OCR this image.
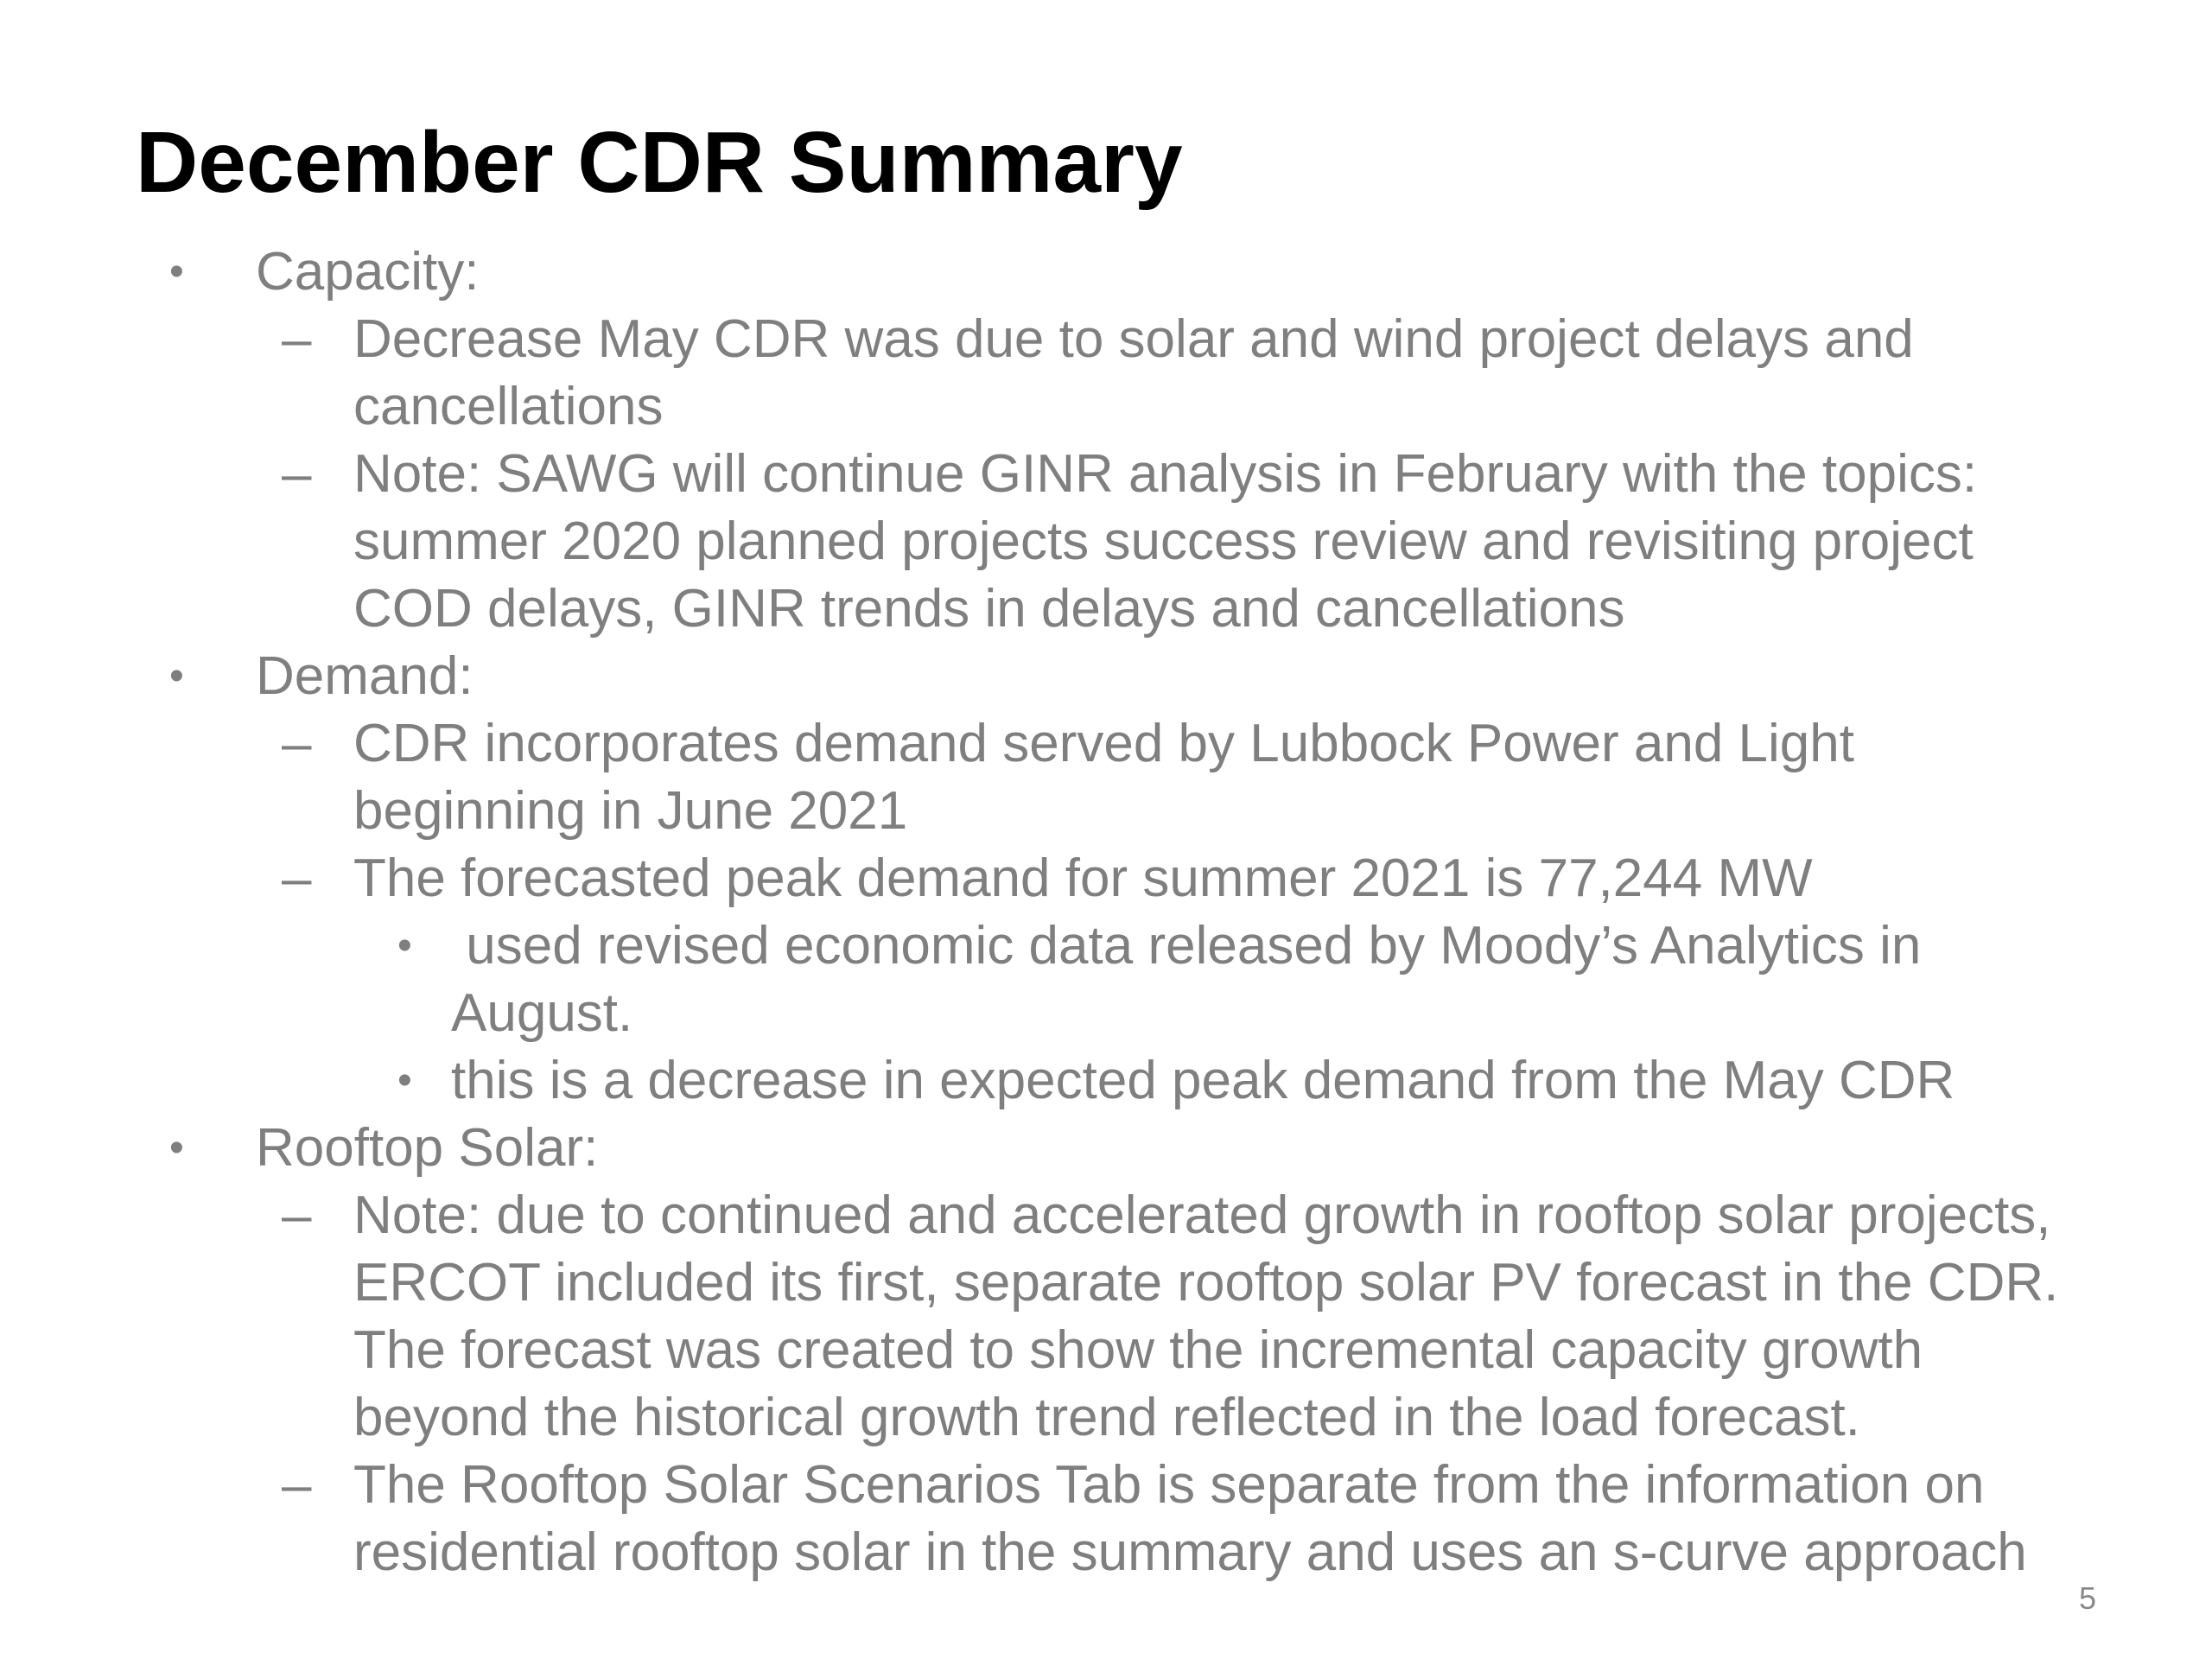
December CDR Summary
• Capacity:
– Decrease May CDR was due to solar and wind project delays and
cancellations
– Note: SAWG will continue GINR analysis in February with the topics:
summer 2020 planned projects success review and revisiting project
COD delays, GINR trends in delays and cancellations
• Demand:
– CDR incorporates demand served by Lubbock Power and Light
beginning in June 2021
– The forecasted peak demand for summer 2021 is 77,244 MW
• used revised economic data released by Moody’s Analytics in
August.
• this is a decrease in expected peak demand from the May CDR
• Rooftop Solar:
– Note: due to continued and accelerated growth in rooftop solar projects,
ERCOT included its first, separate rooftop solar PV forecast in the CDR.
The forecast was created to show the incremental capacity growth
beyond the historical growth trend reflected in the load forecast.
– The Rooftop Solar Scenarios Tab is separate from the information on
residential rooftop solar in the summary and uses an s-curve approach
5
